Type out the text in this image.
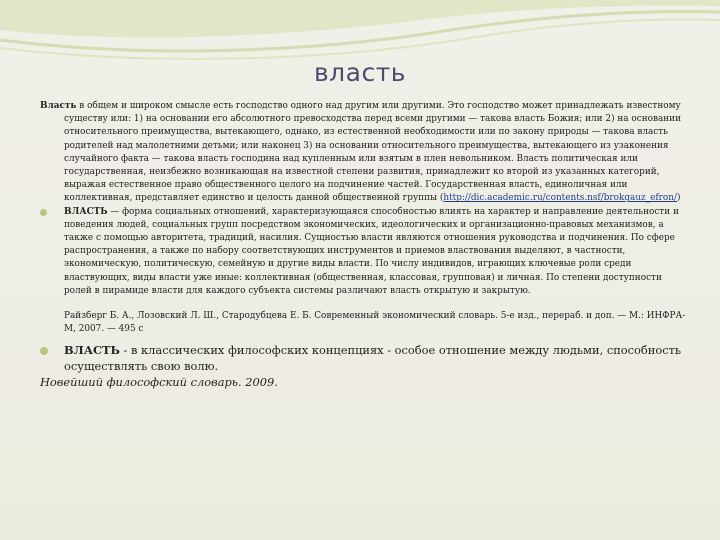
власть

Власть в общем и широком смысле есть господство одного над другим или другими. Это господство может принадлежать известному существу или: 1) на основании его абсолютного превосходства перед всеми другими — такова власть Божия; или 2) на основании относительного преимущества, вытекающего, однако, из естественной необходимости или по закону природы — такова власть родителей над малолетними детьми; или наконец 3) на основании относительного преимущества, вытекающего из узаконения случайного факта — такова власть господина над купленным или взятым в плен невольником. Власть политическая или государственная, неизбежно возникающая на известной степени развития, принадлежит ко второй из указанных категорий, выражая естественное право общественного целого на подчинение частей. Государственная власть, единоличная или коллективная, представляет единство и целость данной общественной группы (http://dic.academic.ru/contents.nsf/brokgauz_efron/)

ВЛАСТЬ — форма социальных отношений, характеризующаяся способностью влиять на характер и направление деятельности и поведения людей, социальных групп посредством экономических, идеологических и организационно-правовых механизмов, а также с помощью авторитета, традиций, насилия. Сущностью власти являются отношения руководства и подчинения. По сфере распространения, а также по набору соответствующих инструментов и приемов властвования выделяют, в частности, экономическую, политическую, семейную и другие виды власти. По числу индивидов, играющих ключевые роли среди властвующих, виды власти уже иные: коллективная (общественная, классовая, групповая) и личная. По степени доступности ролей в пирамиде власти для каждого субъекта системы различают власть открытую и закрытую.
Райзберг Б. А., Лозовский Л. Ш., Стародубцева Е. Б. Современный экономический словарь. 5-е изд., перераб. и доп. — М.: ИНФРА-М, 2007. — 495 с
ВЛАСТЬ - в классических философских концепциях - особое отношение между людьми, способность осуществлять свою волю.
Новейший философский словарь. 2009.
